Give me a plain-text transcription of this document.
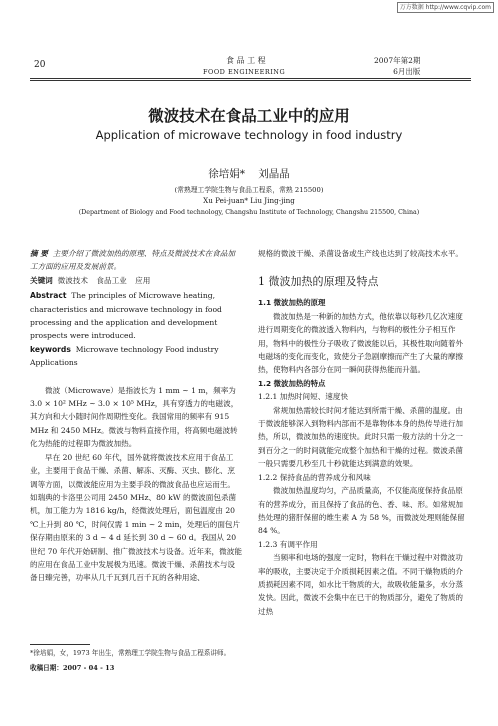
万方数据 http://www.cqvip.com
20	食 品 工 程
FOOD ENGINEERING
2007年第2期
6月出版
微波技术在食品工业中的应用
Application of microwave technology in food industry
徐培娟* 刘晶晶
(常熟理工学院生物与食品工程系，常熟 215500)
Xu Pei-juan* Liu Jing-jing
(Department of Biology and Food technology, Changshu Institute of Technology, Changshu 215500, China)

摘 要 主要介绍了微波加热的原理、特点及微波技术在食品加工方面的应用及发展前景。

关键词 微波技术 食品工业 应用

Abstract The principles of Microwave heating, characteristics and microwave technology in food processing and the application and development prospects were introduced.

keywords Microwave technology Food industry Applications

微波（Microwave）是指波长为 1 mm ~ 1 m，频率为 3.0 × 10² MHz ~ 3.0 × 10⁵ MHz，具有穿透力的电磁波，其方向和大小随时间作周期性变化。我国常用的频率有 915 MHz 和 2450 MHz。微波与物料直接作用，将高频电磁波转化为热能的过程即为微波加热。

早在 20 世纪 60 年代，国外就将微波技术应用于食品工业，主要用于食品干燥、杀菌、解冻、灭酶、灭虫、膨化、烹调等方面，以微波能应用为主要手段的微波食品也应运而生。如瑞典的卡洛里公司用 2450 MHz、80 kW 的微波面包杀菌机，加工能力为 1816 kg/h，经微波处理后，面包温度由 20 ℃上升到 80 ℃，时间仅需 1 min ~ 2 min，处理后的面包片保存期由原来的 3 d ~ 4 d 延长到 30 d ~ 60 d。我国从 20 世纪 70 年代开始研制、推广微波技术与设备。近年来，微波能的应用在食品工业中发展极为迅速。微波干燥、杀菌技术与设备日臻完善，功率从几千瓦到几百千瓦的各种用途、

*徐培娟，女，1973 年出生，常熟理工学院生物与食品工程系讲师。

收稿日期：2007 - 04 - 13

规格的微波干燥、杀菌设备或生产线也达到了较高技术水平。

1 微波加热的原理及特点

1.1 微波加热的原理

微波加热是一种新的加热方式，他依靠以每秒几亿次速度进行周期变化的微波透入物料内，与物料的极性分子相互作用，物料中的极性分子吸收了微波能以后，其极性取向随着外电磁场的变化而变化，致使分子急剧摩擦而产生了大量的摩擦热，使物料内各部分在同一瞬间获得热能而升温。

1.2 微波加热的特点

1.2.1 加热时间短、速度快

常规加热需较长时间才能达到所需干燥、杀菌的温度。由于微波能够深入到物料内部而不是靠物体本身的热传导进行加热，所以，微波加热的速度快。此时只需一般方法的十分之一到百分之一的时间就能完成整个加热和干燥的过程。微波杀菌一般只需要几秒至几十秒就能达到满意的效果。

1.2.2 保持食品的营养成分和风味

微波加热温度均匀，产品质量高，不仅能高度保持食品原有的营养成分，而且保持了食品的色、香、味、形。如常规加热处理的猪肝保留的维生素 A 为 58 %，而微波处理则能保留 84 %。

1.2.3 有调平作用

当频率和电场的强度一定时，物料在干燥过程中对微波功率的吸收，主要决定于介质损耗因素之值。不同干燥物质的介质损耗因素不同，如水比干物质的大，故吸收能量多，水分蒸发快。因此，微波不会集中在已干的物质部分，避免了物质的过热
